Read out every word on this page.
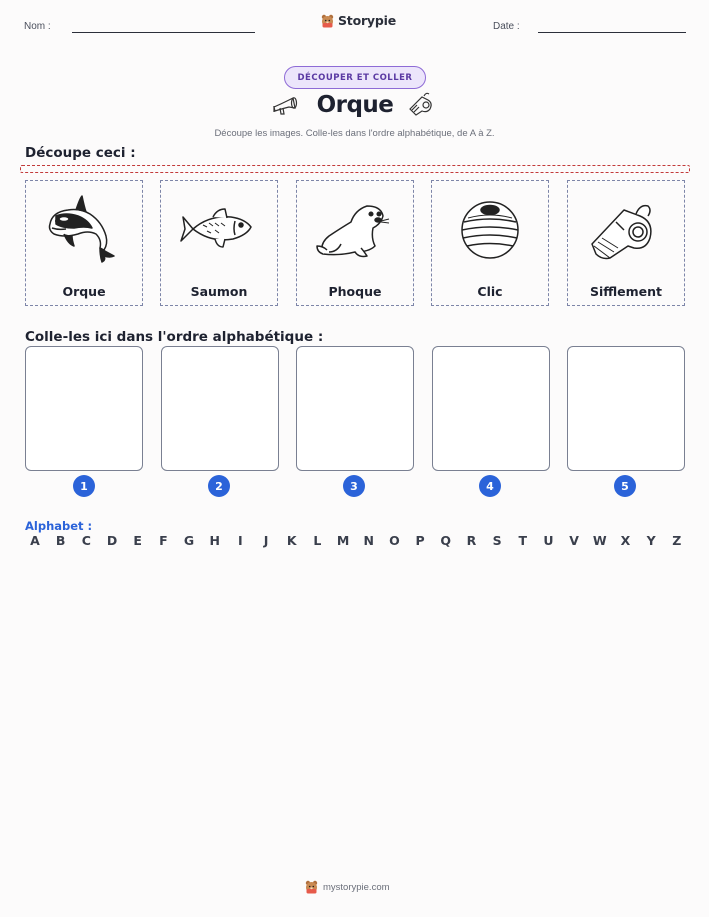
Nom :	Storypie	Date :
DÉCOUPER ET COLLER
Orque
Découpe les images. Colle-les dans l'ordre alphabétique, de A à Z.
Découpe ceci :
Orque	Saumon	Phoque	Clic	Sifflement
Colle-les ici dans l'ordre alphabétique :
1	2	3	4	5
Alphabet :
A	B	C	D	E	F	G	H	I	J	K	L	M	N	O	P	Q	R	S	T	U	V	W	X	Y	Z
mystorypie.com
